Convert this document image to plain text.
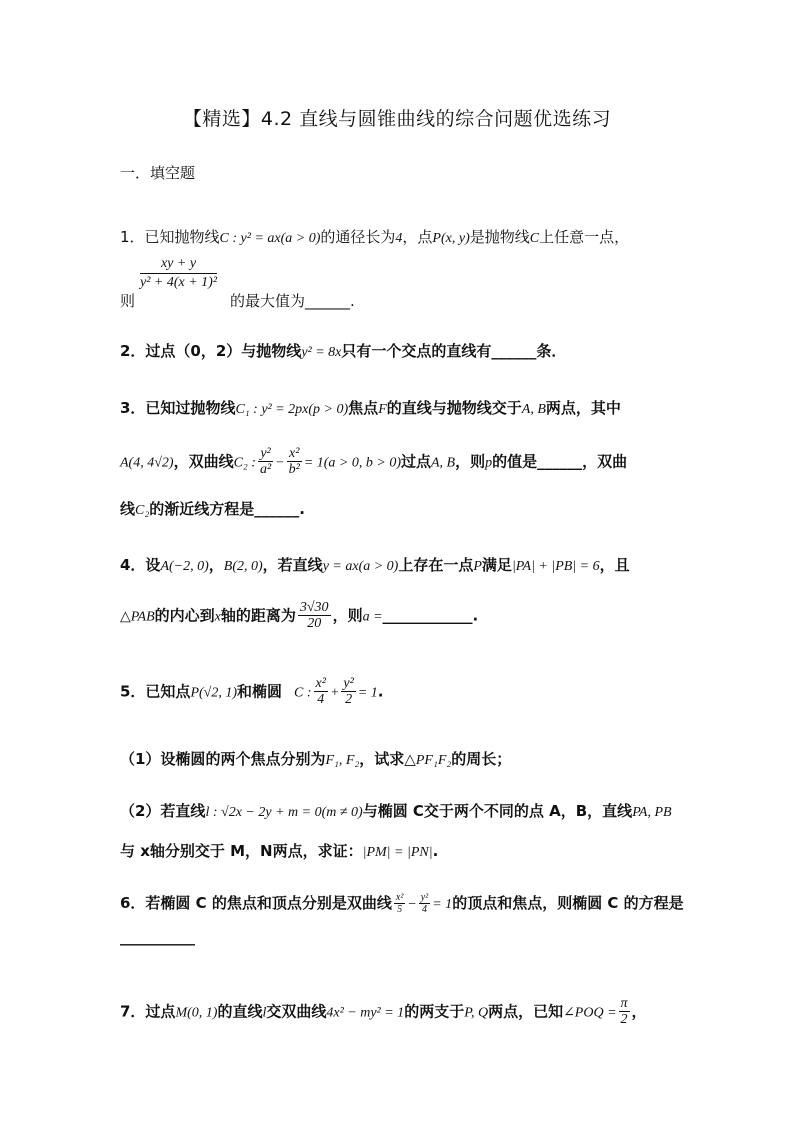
【精选】4.2 直线与圆锥曲线的综合问题优选练习
一．填空题
1．已知抛物线C : y² = ax(a > 0)的通径长为4，点P(x, y)是抛物线C上任意一点，
$\frac{xy + y}{\text{y² + 4(x + 1)²}}$
则	的最大值为______.
2．过点（0，2）与抛物线y² = 8x只有一个交点的直线有______条．
3．已知过抛物线C₁ : y² = 2px(p > 0)焦点F的直线与抛物线交于A, B两点，其中
A(4, 4√2)，双曲线C₂ : $\frac{\text{y²}}{\text{a²}} - \frac{\text{x²}}{\text{b²}} = 1(a > 0$, b > 0)过点A, B，则p的值是______，双曲
线C₂的渐近线方程是______.
4．设A(−2, 0)，B(2, 0)，若直线y = ax(a > 0)上存在一点P满足|PA| + |PB| = 6，且
△PAB的内心到x轴的距离为 $\frac{3√30}{20}$ ，则a =____________.
5．已知点P(√2, 1)和椭圆 C : $\frac{\text{x²}}{4} + \frac{\text{y²}}{2} = 1$.
（1）设椭圆的两个焦点分别为F₁, F₂，试求△PF₁F₂的周长；
（2）若直线l : √2x − 2y + m = 0(m ≠ 0)与椭圆 C交于两个不同的点 A，B，直线PA, PB
与 x轴分别交于 M，N两点，求证：|PM| = |PN|.
6．若椭圆 C 的焦点和顶点分别是双曲线 $\frac{\text{x²}}{5} - \frac{\text{y²}}{4} = 1$的顶点和焦点，则椭圆 C 的方程是
__________
7．过点M(0, 1)的直线l交双曲线4x² − my² = 1的两支于P, Q两点，已知∠POQ = $\frac{\pi}{2}$ ，
